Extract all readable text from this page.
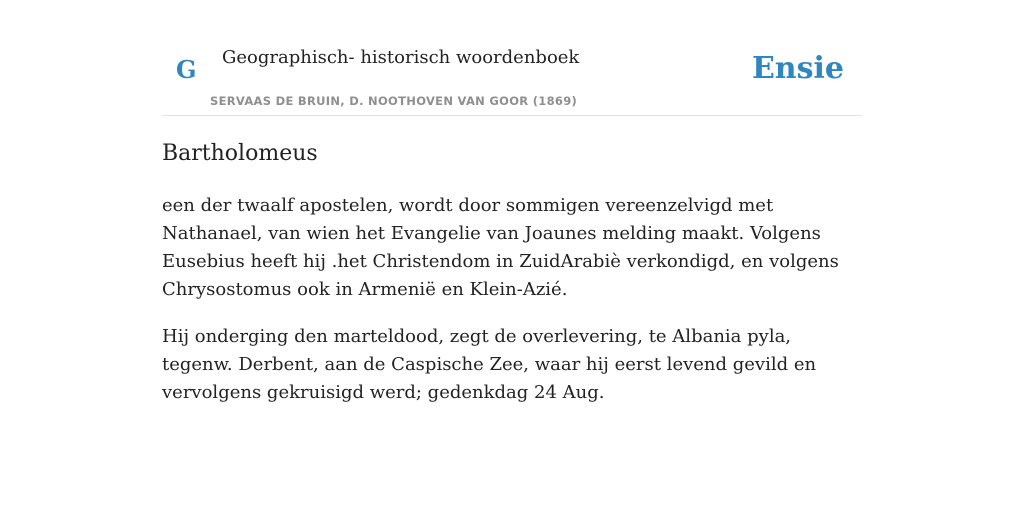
G Geographisch- historisch woordenboek
SERVAAS DE BRUIN, D. NOOTHOVEN VAN GOOR (1869)
Ensie
Bartholomeus

een der twaalf apostelen, wordt door sommigen vereenzelvigd met Nathanael, van wien het Evangelie van Joaunes melding maakt. Volgens Eusebius heeft hij .het Christendom in ZuidArabiè verkondigd, en volgens Chrysostomus ook in Armenië en Klein-Azié.

Hij onderging den marteldood, zegt de overlevering, te Albania pyla, tegenw. Derbent, aan de Caspische Zee, waar hij eerst levend gevild en vervolgens gekruisigd werd; gedenkdag 24 Aug.
